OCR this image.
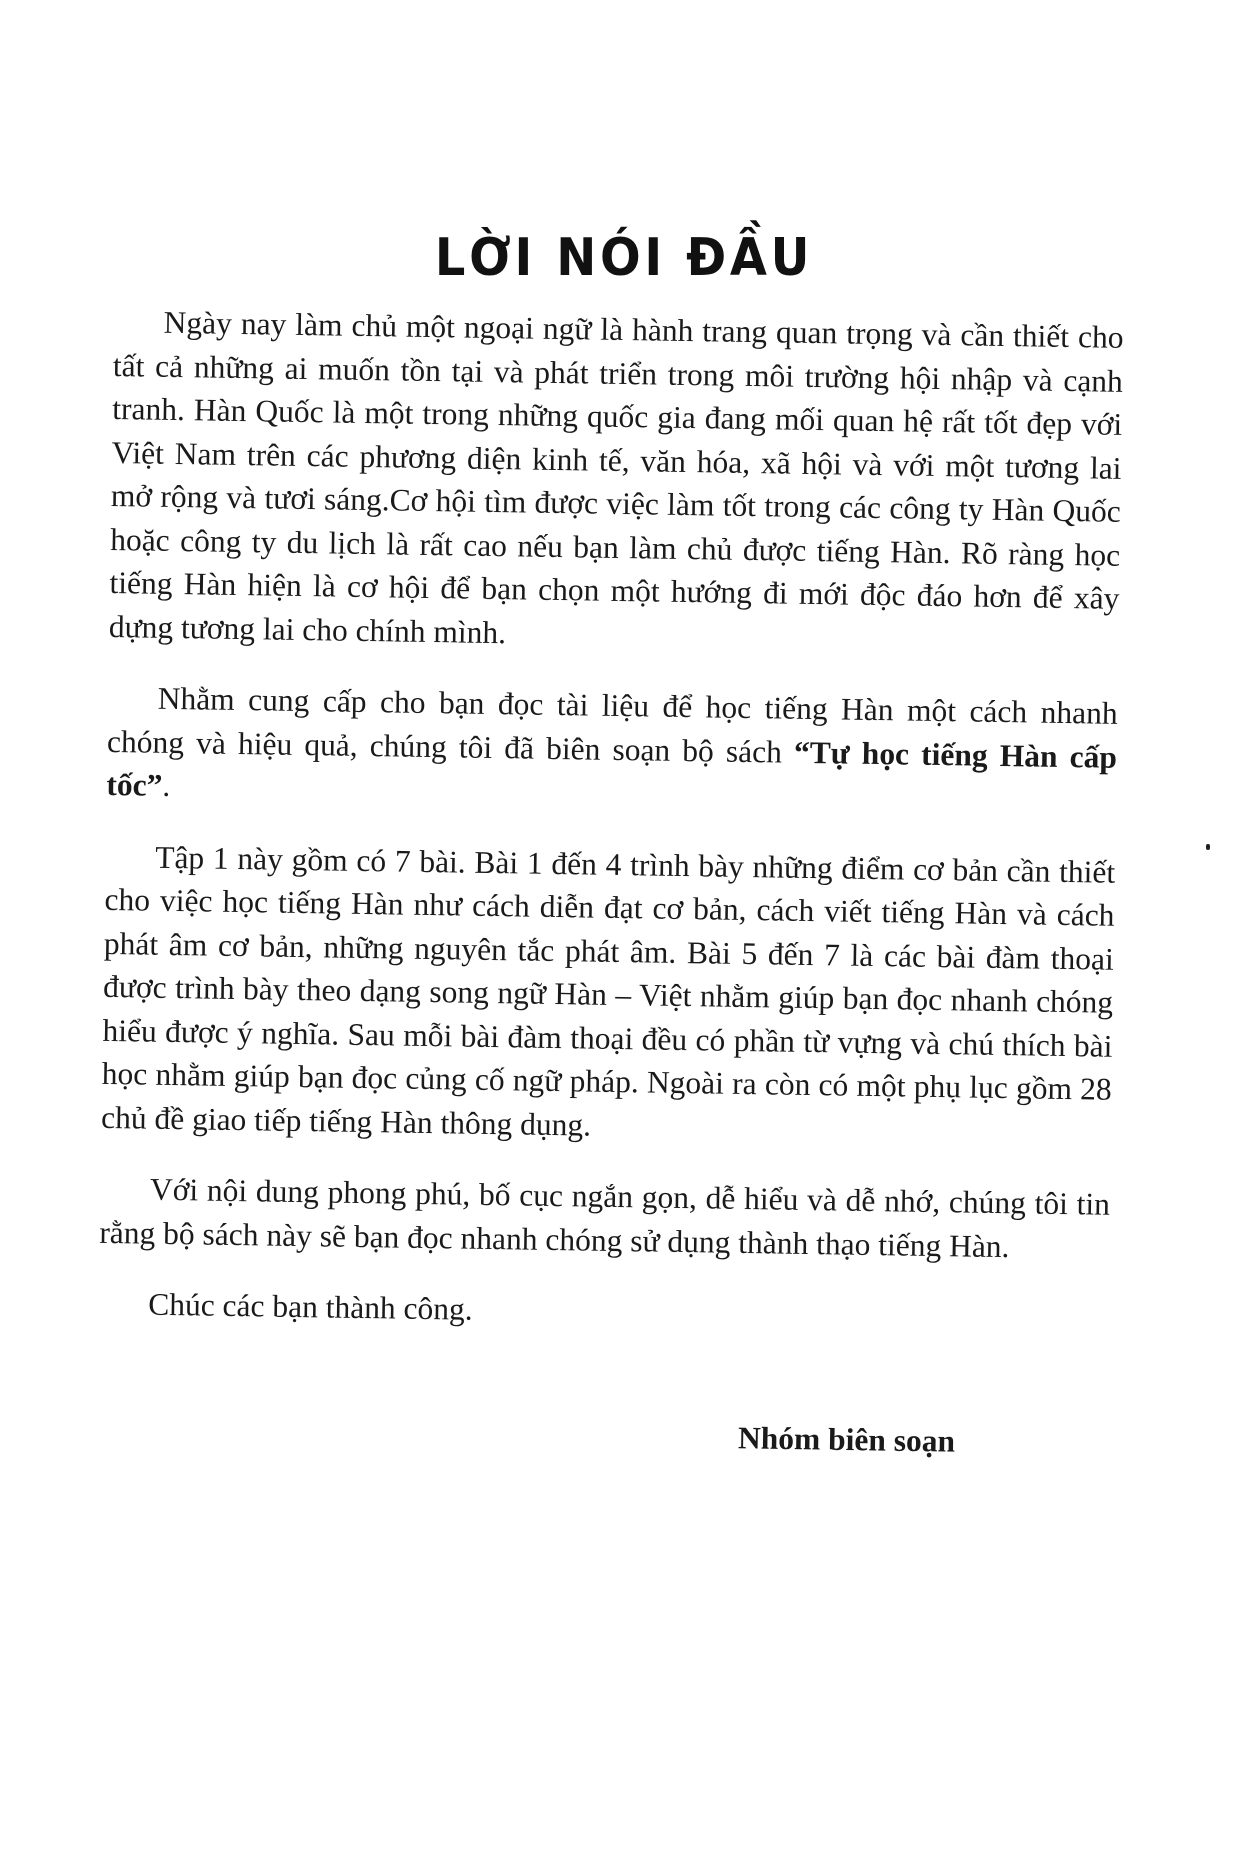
LỜI NÓI ĐẦU

Ngày nay làm chủ một ngoại ngữ là hành trang quan trọng và cần thiết cho tất cả những ai muốn tồn tại và phát triển trong môi trường hội nhập và cạnh tranh. Hàn Quốc là một trong những quốc gia đang mối quan hệ rất tốt đẹp với Việt Nam trên các phương diện kinh tế, văn hóa, xã hội và với một tương lai mở rộng và tươi sáng.Cơ hội tìm được việc làm tốt trong các công ty Hàn Quốc hoặc công ty du lịch là rất cao nếu bạn làm chủ được tiếng Hàn. Rõ ràng học tiếng Hàn hiện là cơ hội để bạn chọn một hướng đi mới độc đáo hơn để xây dựng tương lai cho chính mình.

Nhằm cung cấp cho bạn đọc tài liệu để học tiếng Hàn một cách nhanh chóng và hiệu quả, chúng tôi đã biên soạn bộ sách “Tự học tiếng Hàn cấp tốc”.

Tập 1 này gồm có 7 bài. Bài 1 đến 4 trình bày những điểm cơ bản cần thiết cho việc học tiếng Hàn như cách diễn đạt cơ bản, cách viết tiếng Hàn và cách phát âm cơ bản, những nguyên tắc phát âm. Bài 5 đến 7 là các bài đàm thoại được trình bày theo dạng song ngữ Hàn – Việt nhằm giúp bạn đọc nhanh chóng hiểu được ý nghĩa. Sau mỗi bài đàm thoại đều có phần từ vựng và chú thích bài học nhằm giúp bạn đọc củng cố ngữ pháp. Ngoài ra còn có một phụ lục gồm 28 chủ đề giao tiếp tiếng Hàn thông dụng.

Với nội dung phong phú, bố cục ngắn gọn, dễ hiểu và dễ nhớ, chúng tôi tin rằng bộ sách này sẽ bạn đọc nhanh chóng sử dụng thành thạo tiếng Hàn.

Chúc các bạn thành công.

Nhóm biên soạn
